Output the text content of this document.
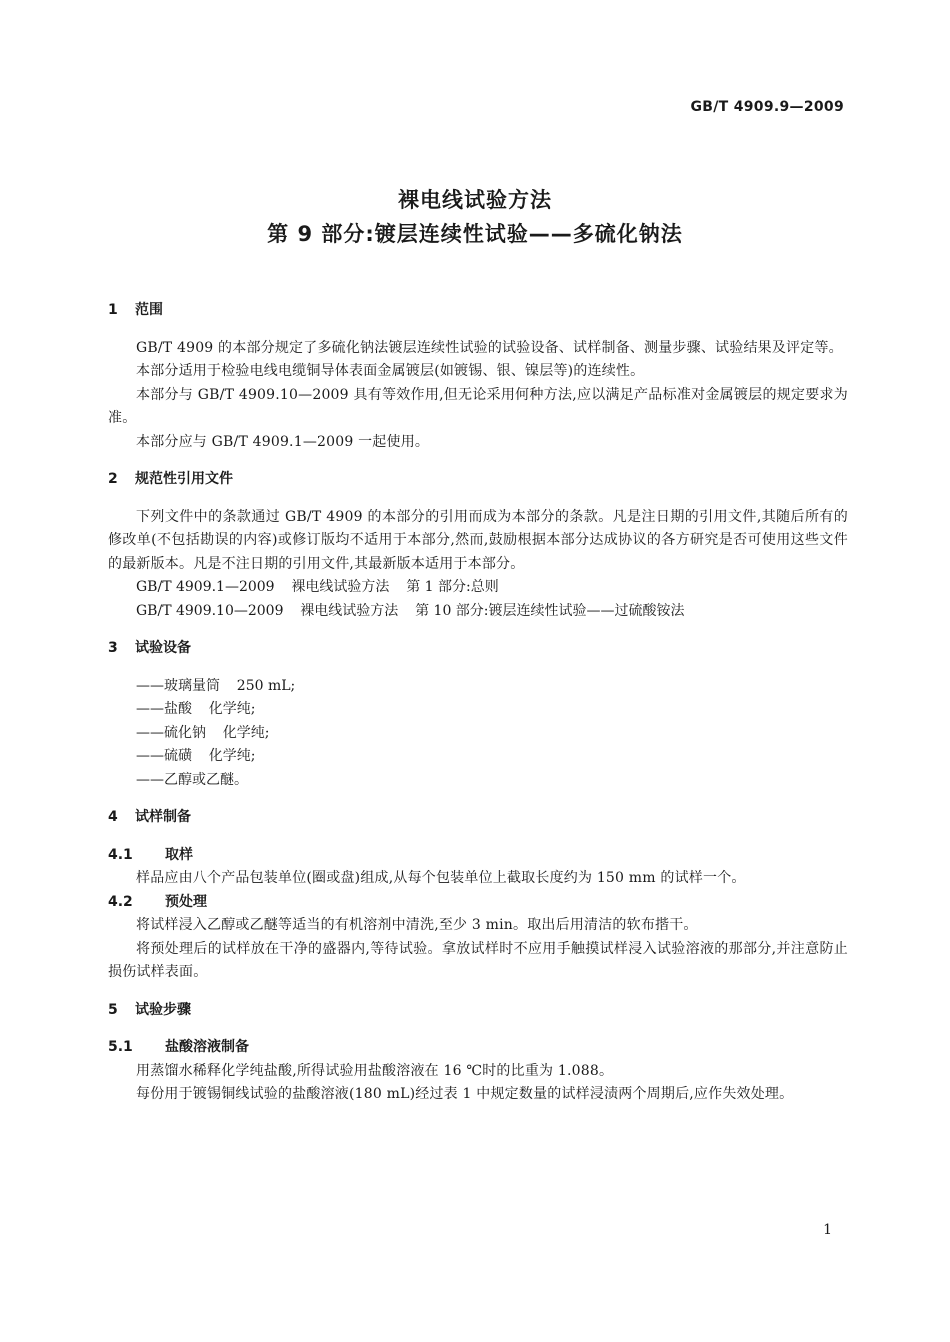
GB/T 4909.9—2009
裸电线试验方法
第 9 部分:镀层连续性试验——多硫化钠法
1 范围
GB/T 4909 的本部分规定了多硫化钠法镀层连续性试验的试验设备、试样制备、测量步骤、试验结果及评定等。
本部分适用于检验电线电缆铜导体表面金属镀层(如镀锡、银、镍层等)的连续性。
本部分与 GB/T 4909.10—2009 具有等效作用,但无论采用何种方法,应以满足产品标准对金属镀层的规定要求为准。
本部分应与 GB/T 4909.1—2009 一起使用。
2 规范性引用文件
下列文件中的条款通过 GB/T 4909 的本部分的引用而成为本部分的条款。凡是注日期的引用文件,其随后所有的修改单(不包括勘误的内容)或修订版均不适用于本部分,然而,鼓励根据本部分达成协议的各方研究是否可使用这些文件的最新版本。凡是不注日期的引用文件,其最新版本适用于本部分。
GB/T 4909.1—2009 裸电线试验方法 第 1 部分:总则
GB/T 4909.10—2009 裸电线试验方法 第 10 部分:镀层连续性试验——过硫酸铵法
3 试验设备
——玻璃量筒 250 mL;
——盐酸 化学纯;
——硫化钠 化学纯;
——硫磺 化学纯;
——乙醇或乙醚。
4 试样制备
4.1 取样
样品应由八个产品包装单位(圈或盘)组成,从每个包装单位上截取长度约为 150 mm 的试样一个。
4.2 预处理
将试样浸入乙醇或乙醚等适当的有机溶剂中清洗,至少 3 min。取出后用清洁的软布揩干。
将预处理后的试样放在干净的盛器内,等待试验。拿放试样时不应用手触摸试样浸入试验溶液的那部分,并注意防止损伤试样表面。
5 试验步骤
5.1 盐酸溶液制备
用蒸馏水稀释化学纯盐酸,所得试验用盐酸溶液在 16 ℃时的比重为 1.088。
每份用于镀锡铜线试验的盐酸溶液(180 mL)经过表 1 中规定数量的试样浸渍两个周期后,应作失效处理。
1
